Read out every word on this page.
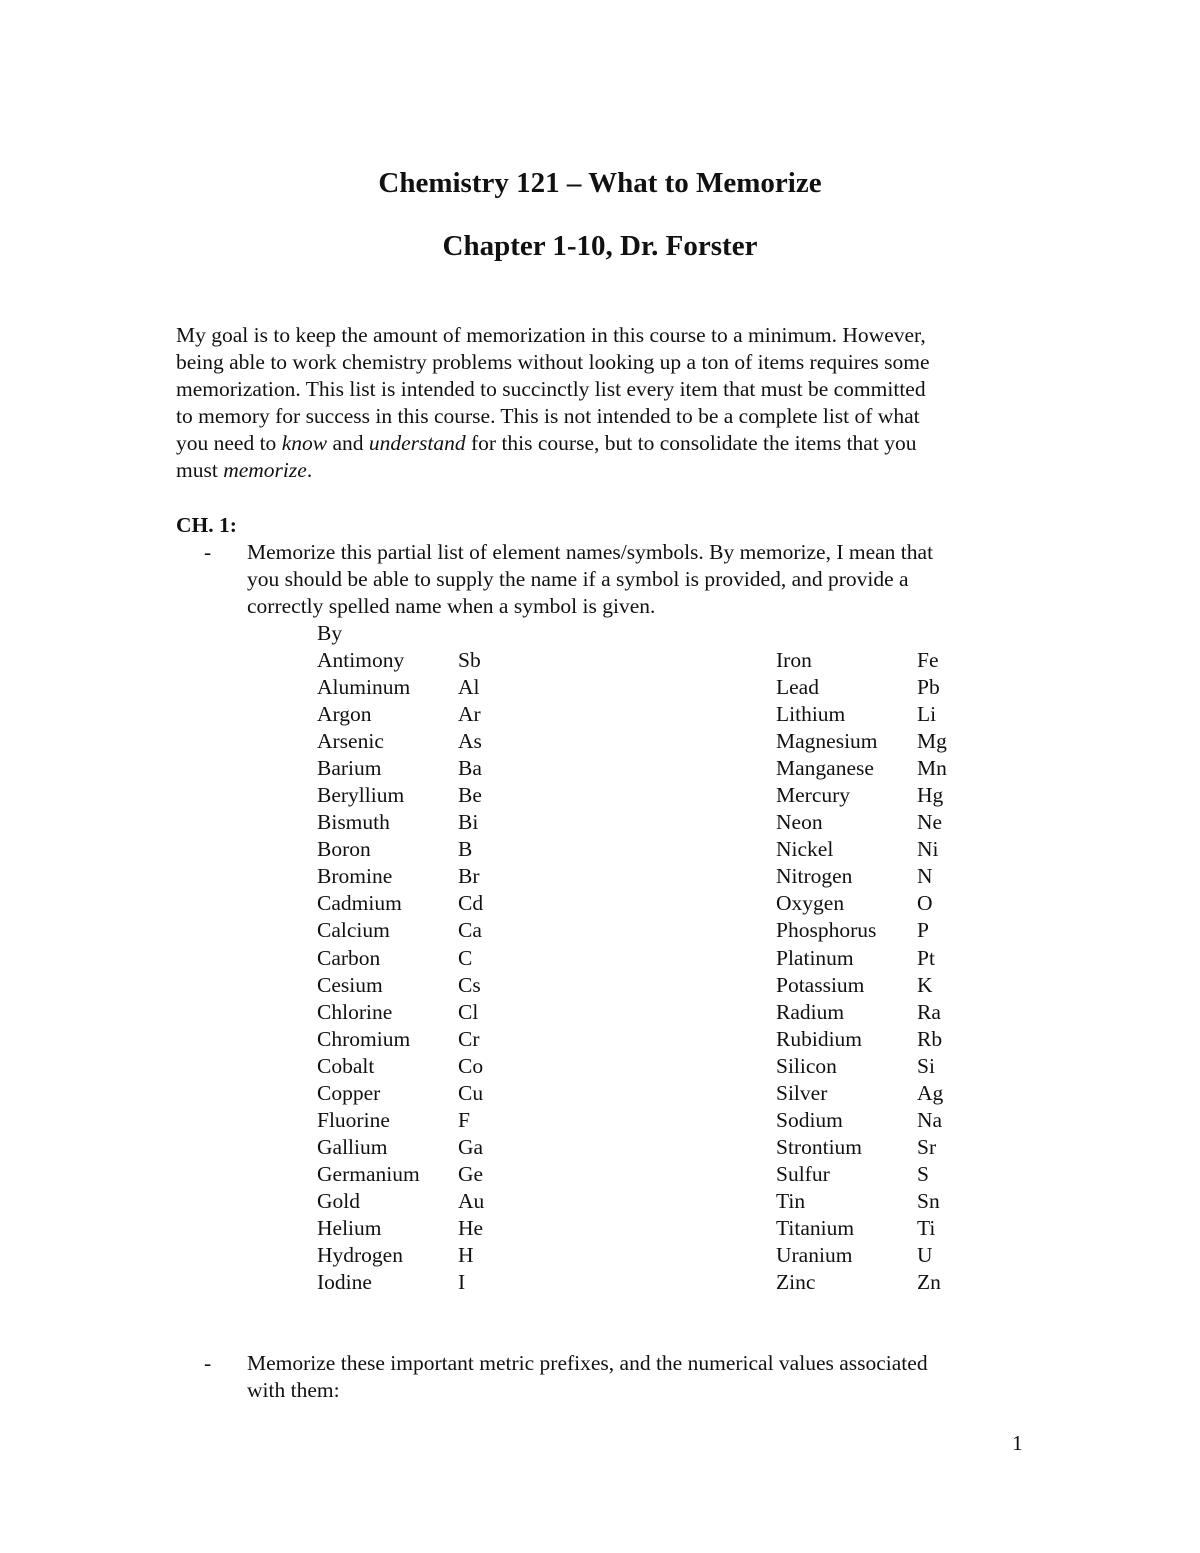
Chemistry 121 – What to Memorize
Chapter 1-10, Dr. Forster

My goal is to keep the amount of memorization in this course to a minimum. However,
being able to work chemistry problems without looking up a ton of items requires some
memorization. This list is intended to succinctly list every item that must be committed
to memory for success in this course. This is not intended to be a complete list of what
you need to know and understand for this course, but to consolidate the items that you
must memorize.

CH. 1:
- Memorize this partial list of element names/symbols. By memorize, I mean that
you should be able to supply the name if a symbol is provided, and provide a
correctly spelled name when a symbol is given.

By
Antimony	Sb
Aluminum	Al
Argon	Ar
Arsenic	As
Barium	Ba
Beryllium	Be
Bismuth	Bi
Boron	B
Bromine	Br
Cadmium	Cd
Calcium	Ca
Carbon	C
Cesium	Cs
Chlorine	Cl
Chromium	Cr
Cobalt	Co
Copper	Cu
Fluorine	F
Gallium	Ga
Germanium	Ge
Gold	Au
Helium	He
Hydrogen	H
Iodine	I
Iron	Fe
Lead	Pb
Lithium	Li
Magnesium	Mg
Manganese	Mn
Mercury	Hg
Neon	Ne
Nickel	Ni
Nitrogen	N
Oxygen	O
Phosphorus	P
Platinum	Pt
Potassium	K
Radium	Ra
Rubidium	Rb
Silicon	Si
Silver	Ag
Sodium	Na
Strontium	Sr
Sulfur	S
Tin	Sn
Titanium	Ti
Uranium	U
Zinc	Zn
- Memorize these important metric prefixes, and the numerical values associated
with them:

1
